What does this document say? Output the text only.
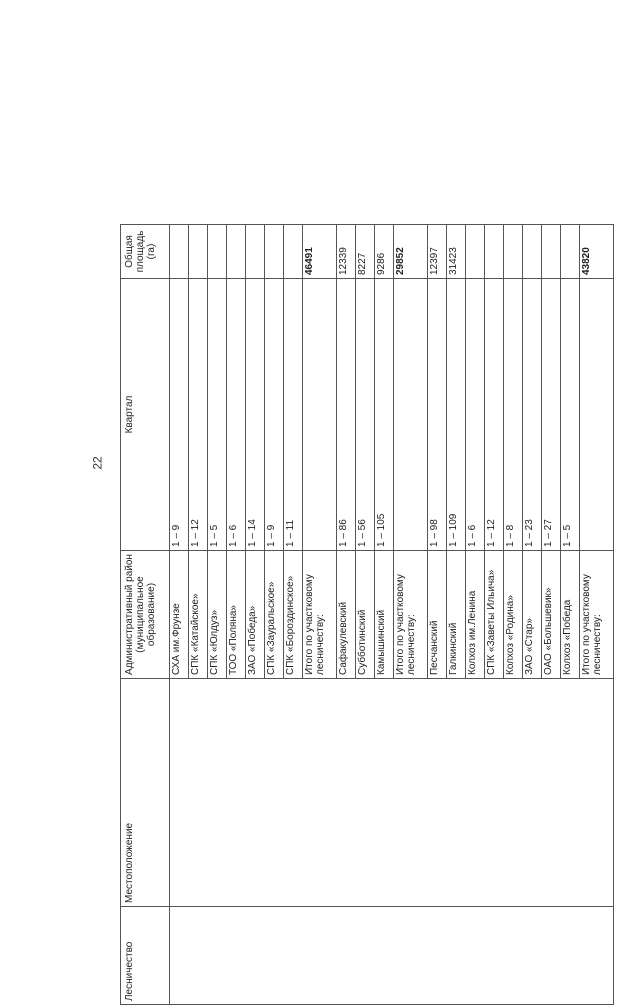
22
Лесничество	Местоположение	Административный район (муниципальное образование)	Квартал	Общая площадь (га)
		СХА им.Фрунзе	1 – 9	
		СПК «Катайское»	1 – 12	
		СПК «Юлдуз»	1 – 5	
		ТОО «Поляна»	1 – 6	
		ЗАО «Победа»	1 – 14	
		СПК «Зауральское»	1 – 9	
		СПК «Бороздинское»	1 – 11	
		Итого по участковому лесничеству:		46491
		Сафакулевский	1 – 86	12339
		Субботинский	1 – 56	8227
		Камышинский	1 – 105	9286
		Итого по участковому лесничеству:		29852
		Песчанский	1 – 98	12397
		Галкинский	1 – 109	31423
		Колхоз им.Ленина	1 – 6	
		СПК «Заветы Ильича»	1 – 12	
		Колхоз «Родина»	1 – 8	
		ЗАО «Стар»	1 – 23	
		ОАО «Большевик»	1 – 27	
		Колхоз «Победа	1 – 5	
		Итого по участковому лесничеству:		43820
